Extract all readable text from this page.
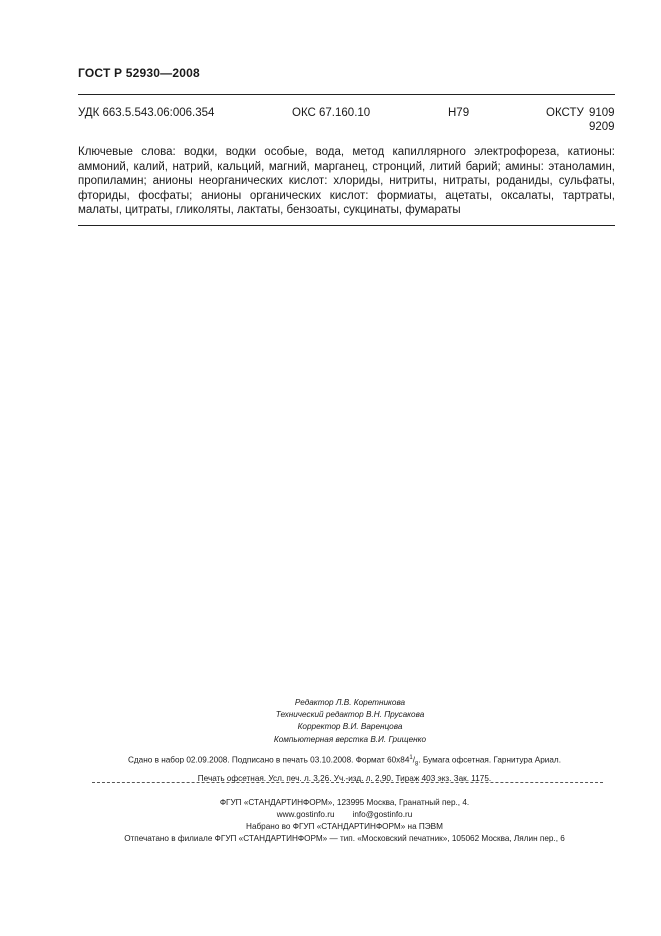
ГОСТ Р 52930—2008
УДК 663.5.543.06:006.354	ОКС 67.160.10	Н79	ОКСТУ 9109
9209
Ключевые слова: водки, водки особые, вода, метод капиллярного электрофореза, катионы: аммоний, калий, натрий, кальций, магний, марганец, стронций, литий барий; амины: этаноламин, пропиламин; анионы неорганических кислот: хлориды, нитриты, нитраты, роданиды, сульфаты, фториды, фосфаты; анионы органических кислот: формиаты, ацетаты, оксалаты, тартраты, малаты, цитраты, гликоляты, лактаты, бензоаты, сукцинаты, фумараты
Редактор Л.В. Коретникова
Технический редактор В.Н. Прусакова
Корректор В.И. Варенцова
Компьютерная верстка В.И. Грищенко
Сдано в набор 02.09.2008. Подписано в печать 03.10.2008. Формат $60х84^1/_8$. Бумага офсетная. Гарнитура Ариал.
Печать офсетная. Усл. печ. л. 3,26. Уч.-изд. л. 2,90. Тираж 403 экз. Зак. 1175.
ФГУП «СТАНДАРТИНФОРМ», 123995 Москва, Гранатный пер., 4.
www.gostinfo.ru info@gostinfo.ru
Набрано во ФГУП «СТАНДАРТИНФОРМ» на ПЭВМ
Отпечатано в филиале ФГУП «СТАНДАРТИНФОРМ» — тип. «Московский печатник», 105062 Москва, Лялин пер., 6
